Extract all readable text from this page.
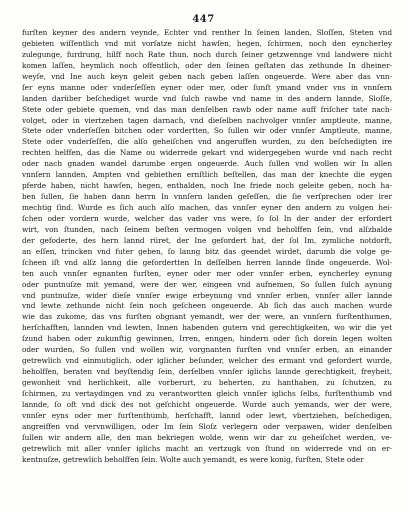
447
furſten keyner des andern veynde, Echter vnd renther In ſeinen landen, Sloſſen, Steten vnd
gebieten wiſſentlich vnd mit vorſatze nicht hawſen, hegen, ſchirmen, noch den eyncherley
zulegunge, furdrung, hilff noch Rate thun, noch durch ſeiner getzwennge vnd landwere nicht
komen laſſen, heymlich noch offentlich, oder den ſeinen geſtaten das zethunde In dheiner-
weyſe, vnd Ine auch keyn geleit geben nach geben laſſen ongeuerde. Were aber das vnn-
ſer eyns manne oder vnderſeſſen eyner oder mer, oder ſunſt ymand vnder vns in vnnſern
landen darüber beſchediget wurde vnd ſulch rawbe vnd name in des andern lannde, Sloſſe,
Stete oder gebiete quemen, vnd das man denſelben rawb oder name auff friſcher tate nach-
volget, oder in viertzehen tagen darnach, vnd dieſelben nachvolger vnnſer amptleute, manne,
Stete oder vnderſeſſen bitchen oder vordertten, So ſullen wir oder vnnſer Amptleute, manne,
Stete oder vnderſeſſen, die alſo geheiſchen vnd angeruffen wurden, zu den beſchedigten ire
rechten helffen, das die Name ou widerrede gekart vnd widergegeben wurde vnd nach recht
oder nach gnaden wandel darumbe ergen ongeuerde. Auch ſullen vnd wollen wir In allen
vnnſern lannden, Ampten vnd gebiethen ernſtlich beſtellen, das man der knechte die eygen
pferde haben, nicht hawſen, hegen, enthalden, noch Ine friede noch geleite geben, noch ha-
ben ſullen, ſie haben dann herrn In vnnſern landen geſeſſen, die ſie verſprechen oder irer
mechtig ſind. Wurde es ſich auch alſo machen, das vnnſer eyner den andern zu volgen hei-
ſchen oder vordern wurde, welcher das vader vns were, ſo ſol In der ander der erfordert
wirt, von ſtunden, nach ſeinem beſten vermogen volgen vnd beholffen ſein, vnd alſzbalde
der gefoderte, des hern lannd rüret, der Ine gefordert hat, der ſol Im, zymliche notdorft,
an eſſen, trincken vnd futer geben, ſo lanng bitz das geendet wirdet, darumb die volge ge-
ſcheen iſt vnd alſz lanng die gefordertten In deſſelben herren lannde ſinde ongeuerde. Wol-
ten auch vnnſer egnanten furſten, eyner oder mer oder vnnſer erben, eyncherley eynung
oder puntnuſze mit yemand, were der wer, eingeen vnd aufnemen, So ſullen ſulch aynung
vnd puntnuſze, wider dieſe vnnſer ewige erbeynung vnd vnnſer erben, vnnſer aller lannde
vnd lewte zethunde nicht ſein noch geſcheen ongeuerde. Ab ſich das auch machen wurde
wie das zukome, das vns furſten obgnant yemandt, wer der were, an vnnſern furſtenthumen,
herſchafften, lannden vnd lewten, Innen habenden gutern vnd gerechtigkeiten, wo wir die yet
ſzund haben oder zukunftig gewinnen, Irren, enngen, hindern oder ſich dorein legen wolten
oder wurden, So ſullen vnd wollen wir, vorgnanten furſten vnd vnnſer erben, an einander
getrewlich vnd einmutiglich, oder iglicher beſunder, welcher des ermant vnd gefordert wurde,
beholffen, beraten vnd beyſtendig ſein, derſelben vnnſer iglichs lannde gerechtigkeit, freyheit,
gewonheit vnd herlichkeit, alle vorberurt, zu beherten, zu hanthaben, zu ſchutzen, zu
ſchirmen, zu vertaydingen vnd zu verantwortten gleich vnnſer iglichs ſelbs, furſtenthumb vnd
lannde, ſo oft vnd dick des not geſchicht ongeuerde. Wurde auch yemands, wer der were,
vnnſer eyns oder mer furſtenthumb, herſchafft, lannd oder lewt, vbertziehen, beſchedigen,
angreiffen vnd vervnwilligen, oder Im ſein Sloſz verlegern oder verpawen, wider denſelben
ſullen wir andern alle, den man bekriegen wolde, wenn wir dar zu geheiſchet werden, ve-
getrewlich mit aller vnnſer iglichs macht an vertzugk von ſtund on widerrede vnd on er-
kentnuſze, getrewlich beholffen ſein. Wolte auch yemandt, es were konig, furſten, Stete oder
